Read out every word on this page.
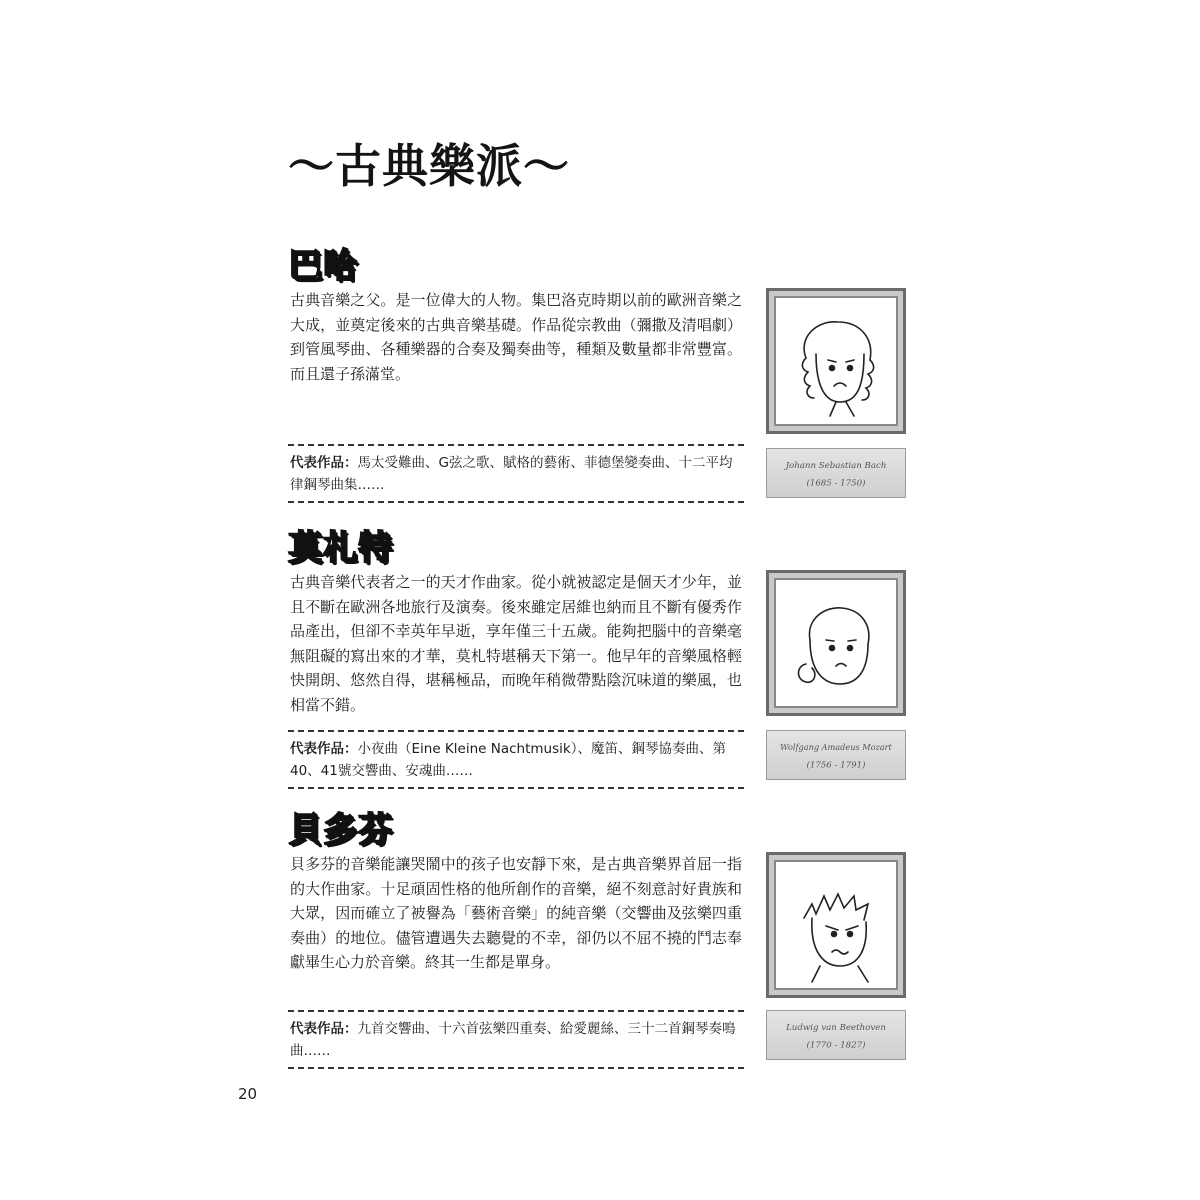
～古典樂派～
巴哈

古典音樂之父。是一位偉大的人物。集巴洛克時期以前的歐洲音樂之大成，並奠定後來的古典音樂基礎。作品從宗教曲（彌撒及清唱劇）到管風琴曲、各種樂器的合奏及獨奏曲等，種類及數量都非常豐富。而且還子孫滿堂。

代表作品：馬太受難曲、G弦之歌、賦格的藝術、菲德堡變奏曲、十二平均律鋼琴曲集……
Johann Sebastian Bach
(1685 - 1750)
莫札特

古典音樂代表者之一的天才作曲家。從小就被認定是個天才少年，並且不斷在歐洲各地旅行及演奏。後來雖定居維也納而且不斷有優秀作品產出，但卻不幸英年早逝，享年僅三十五歲。能夠把腦中的音樂毫無阻礙的寫出來的才華，莫札特堪稱天下第一。他早年的音樂風格輕快開朗、悠然自得，堪稱極品，而晚年稍微帶點陰沉味道的樂風，也相當不錯。

代表作品：小夜曲（Eine Kleine Nachtmusik）、魔笛、鋼琴協奏曲、第40、41號交響曲、安魂曲……
Wolfgang Amadeus Mozart
(1756 - 1791)
貝多芬

貝多芬的音樂能讓哭鬧中的孩子也安靜下來，是古典音樂界首屈一指的大作曲家。十足頑固性格的他所創作的音樂，絕不刻意討好貴族和大眾，因而確立了被譽為「藝術音樂」的純音樂（交響曲及弦樂四重奏曲）的地位。儘管遭遇失去聽覺的不幸，卻仍以不屈不撓的鬥志奉獻畢生心力於音樂。終其一生都是單身。

代表作品：九首交響曲、十六首弦樂四重奏、給愛麗絲、三十二首鋼琴奏鳴曲……
Ludwig van Beethoven
(1770 - 1827)
20
